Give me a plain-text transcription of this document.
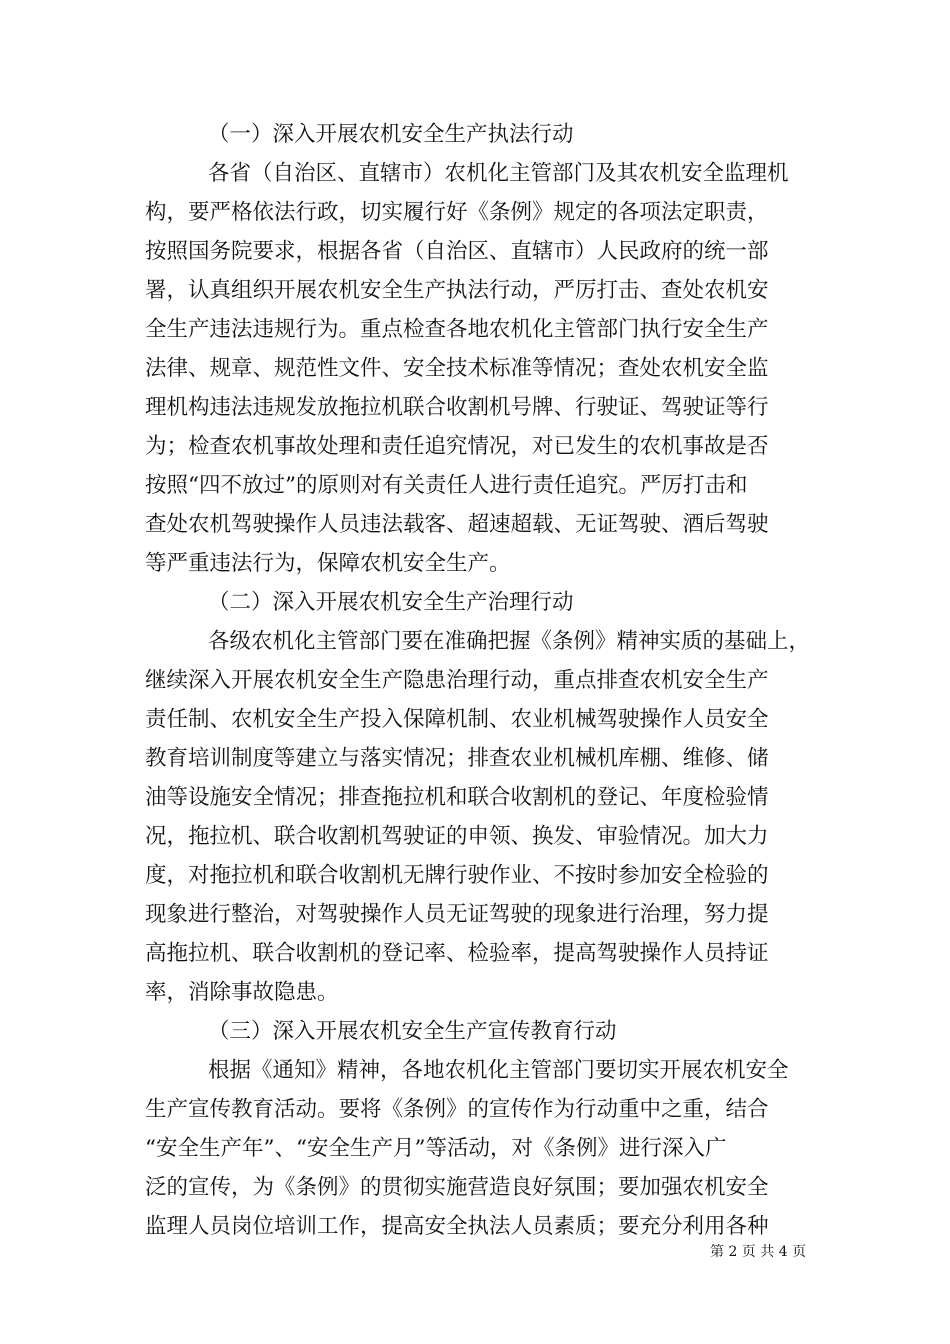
（一）深入开展农机安全生产执法行动
各省（自治区、直辖市）农机化主管部门及其农机安全监理机
构，要严格依法行政，切实履行好《条例》规定的各项法定职责，
按照国务院要求，根据各省（自治区、直辖市）人民政府的统一部
署，认真组织开展农机安全生产执法行动，严厉打击、查处农机安
全生产违法违规行为。重点检查各地农机化主管部门执行安全生产
法律、规章、规范性文件、安全技术标准等情况；查处农机安全监
理机构违法违规发放拖拉机联合收割机号牌、行驶证、驾驶证等行
为；检查农机事故处理和责任追究情况，对已发生的农机事故是否
按照“四不放过”的原则对有关责任人进行责任追究。严厉打击和
查处农机驾驶操作人员违法载客、超速超载、无证驾驶、酒后驾驶
等严重违法行为，保障农机安全生产。
（二）深入开展农机安全生产治理行动
各级农机化主管部门要在准确把握《条例》精神实质的基础上，
继续深入开展农机安全生产隐患治理行动，重点排查农机安全生产
责任制、农机安全生产投入保障机制、农业机械驾驶操作人员安全
教育培训制度等建立与落实情况；排查农业机械机库棚、维修、储
油等设施安全情况；排查拖拉机和联合收割机的登记、年度检验情
况，拖拉机、联合收割机驾驶证的申领、换发、审验情况。加大力
度，对拖拉机和联合收割机无牌行驶作业、不按时参加安全检验的
现象进行整治，对驾驶操作人员无证驾驶的现象进行治理，努力提
高拖拉机、联合收割机的登记率、检验率，提高驾驶操作人员持证
率，消除事故隐患。
（三）深入开展农机安全生产宣传教育行动
根据《通知》精神，各地农机化主管部门要切实开展农机安全
生产宣传教育活动。要将《条例》的宣传作为行动重中之重，结合
“安全生产年”、“安全生产月”等活动，对《条例》进行深入广
泛的宣传，为《条例》的贯彻实施营造良好氛围；要加强农机安全
监理人员岗位培训工作，提高安全执法人员素质；要充分利用各种
第 2 页 共 4 页
